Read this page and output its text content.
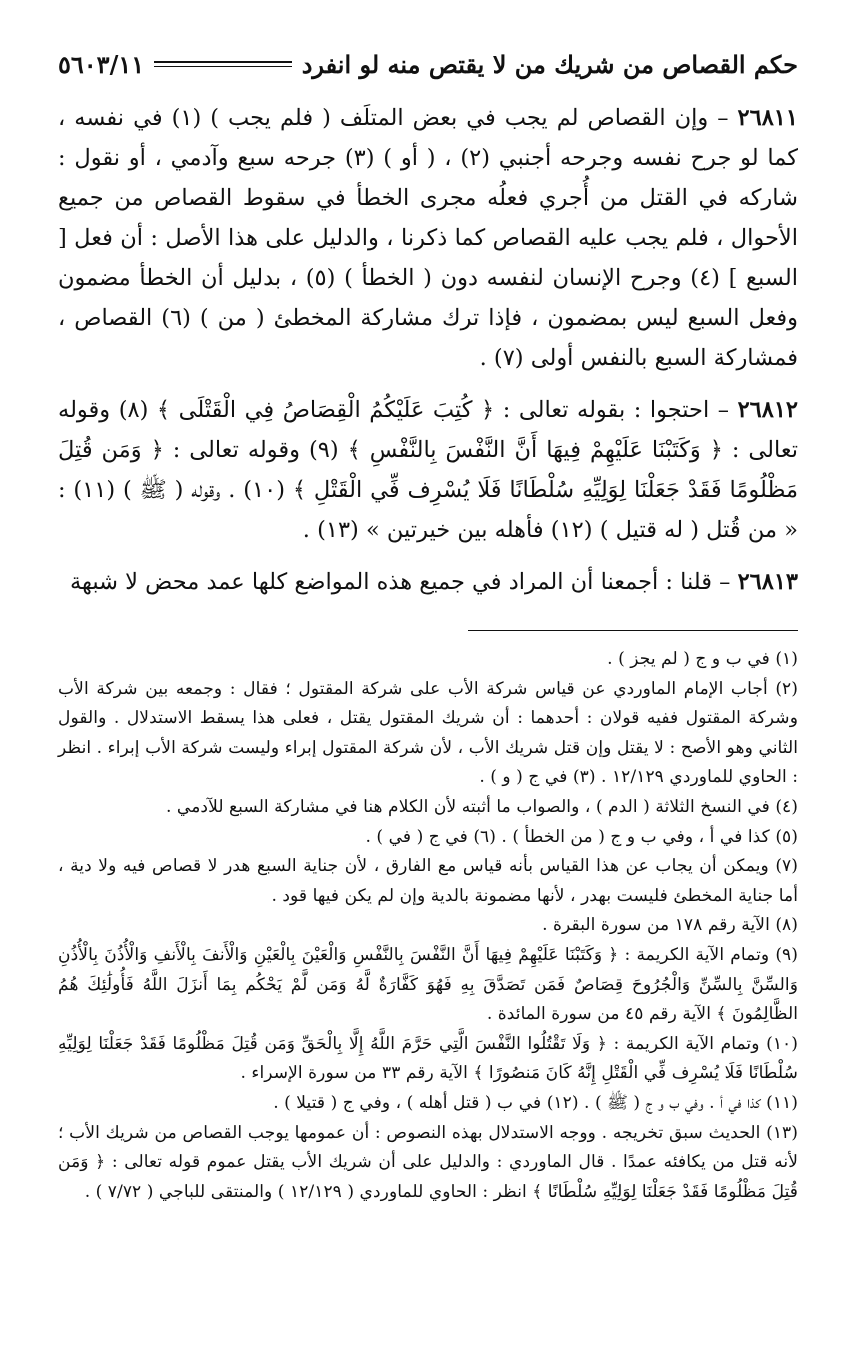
حكم القصاص من شريك من لا يقتص منه لو انفرد
٥٦٠٣/١١

٢٦٨١١ – وإن القصاص لم يجب في بعض المتلَف ( فلم يجب ) (١) في نفسه ، كما لو جرح نفسه وجرحه أجنبي (٢) ، ( أو ) (٣) جرحه سبع وآدمي ، أو نقول : شاركه في القتل من أُجري فعلُه مجرى الخطأ في سقوط القصاص من جميع الأحوال ، فلم يجب عليه القصاص كما ذكرنا ، والدليل على هذا الأصل : أن فعل [ السبع ] (٤) وجرح الإنسان لنفسه دون ( الخطأ ) (٥) ، بدليل أن الخطأ مضمون وفعل السبع ليس بمضمون ، فإذا ترك مشاركة المخطئ ( من ) (٦) القصاص ، فمشاركة السبع بالنفس أولى (٧) .

٢٦٨١٢ – احتجوا : بقوله تعالى : ﴿ كُتِبَ عَلَيْكُمُ الْقِصَاصُ فِي الْقَتْلَى ﴾ (٨) وقوله تعالى : ﴿ وَكَتَبْنَا عَلَيْهِمْ فِيهَا أَنَّ النَّفْسَ بِالنَّفْسِ ﴾ (٩) وقوله تعالى : ﴿ وَمَن قُتِلَ مَظْلُومًا فَقَدْ جَعَلْنَا لِوَلِيِّهِ سُلْطَانًا فَلَا يُسْرِف فِّي الْقَتْلِ ﴾ (١٠) . وقوله ( ﷺ ) (١١) : « من قُتل ( له قتيل ) (١٢) فأهله بين خيرتين » (١٣) .

٢٦٨١٣ – قلنا : أجمعنا أن المراد في جميع هذه المواضع كلها عمد محض لا شبهة

(١) في ب و ج ( لم يجز ) .

(٢) أجاب الإمام الماوردي عن قياس شركة الأب على شركة المقتول ؛ فقال : وجمعه بين شركة الأب وشركة المقتول ففيه قولان : أحدهما : أن شريك المقتول يقتل ، فعلى هذا يسقط الاستدلال . والقول الثاني وهو الأصح : لا يقتل وإن قتل شريك الأب ، لأن شركة المقتول إبراء وليست شركة الأب إبراء . انظر : الحاوي للماوردي ١٢/١٢٩ . (٣) في ج ( و ) .

(٤) في النسخ الثلاثة ( الدم ) ، والصواب ما أثبته لأن الكلام هنا في مشاركة السبع للآدمي .

(٥) كذا في أ ، وفي ب و ج ( من الخطأ ) . (٦) في ج ( في ) .

(٧) ويمكن أن يجاب عن هذا القياس بأنه قياس مع الفارق ، لأن جناية السبع هدر لا قصاص فيه ولا دية ، أما جناية المخطئ فليست بهدر ، لأنها مضمونة بالدية وإن لم يكن فيها قود .

(٨) الآية رقم ١٧٨ من سورة البقرة .

(٩) وتمام الآية الكريمة : ﴿ وَكَتَبْنَا عَلَيْهِمْ فِيهَا أَنَّ النَّفْسَ بِالنَّفْسِ وَالْعَيْنَ بِالْعَيْنِ وَالْأَنفَ بِالْأَنفِ وَالْأُذُنَ بِالْأُذُنِ وَالسِّنَّ بِالسِّنِّ وَالْجُرُوحَ قِصَاصٌ فَمَن تَصَدَّقَ بِهِ فَهُوَ كَفَّارَةٌ لَّهُ وَمَن لَّمْ يَحْكُم بِمَا أَنزَلَ اللَّهُ فَأُولَٰئِكَ هُمُ الظَّالِمُونَ ﴾ الآية رقم ٤٥ من سورة المائدة .

(١٠) وتمام الآية الكريمة : ﴿ وَلَا تَقْتُلُوا النَّفْسَ الَّتِي حَرَّمَ اللَّهُ إِلَّا بِالْحَقِّ وَمَن قُتِلَ مَظْلُومًا فَقَدْ جَعَلْنَا لِوَلِيِّهِ سُلْطَانًا فَلَا يُسْرِف فِّي الْقَتْلِ إِنَّهُ كَانَ مَنصُورًا ﴾ الآية رقم ٣٣ من سورة الإسراء .

(١١) كذا في أ . وفي ب و ج ( ﷺ ) . (١٢) في ب ( قتل أهله ) ، وفي ج ( قتيلا ) .

(١٣) الحديث سبق تخريجه . ووجه الاستدلال بهذه النصوص : أن عمومها يوجب القصاص من شريك الأب ؛ لأنه قتل من يكافئه عمدًا . قال الماوردي : والدليل على أن شريك الأب يقتل عموم قوله تعالى : ﴿ وَمَن قُتِلَ مَظْلُومًا فَقَدْ جَعَلْنَا لِوَلِيِّهِ سُلْطَانًا ﴾ انظر : الحاوي للماوردي ( ١٢/١٢٩ ) والمنتقى للباجي ( ٧/٧٢ ) .
